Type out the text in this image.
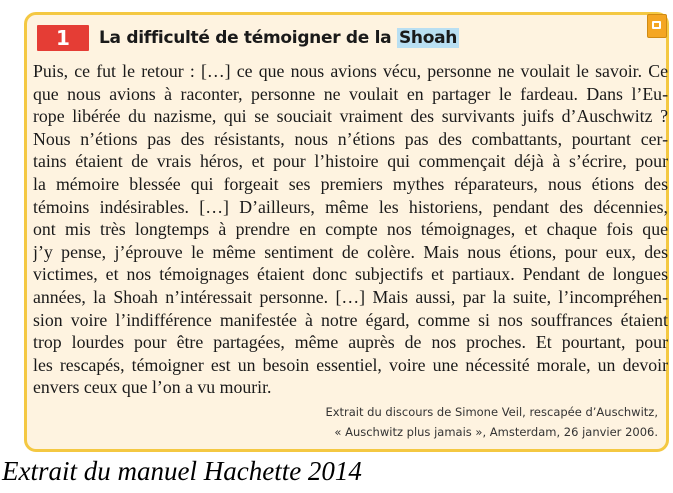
1	La difficulté de témoigner de la Shoah
Puis, ce fut le retour : […] ce que nous avions vécu, personne ne voulait le savoir. Ce
que nous avions à raconter, personne ne voulait en partager le fardeau. Dans l’Eu-
rope libérée du nazisme, qui se souciait vraiment des survivants juifs d’Auschwitz ?
Nous n’étions pas des résistants, nous n’étions pas des combattants, pourtant cer-
tains étaient de vrais héros, et pour l’histoire qui commençait déjà à s’écrire, pour
la mémoire blessée qui forgeait ses premiers mythes réparateurs, nous étions des
témoins indésirables. […] D’ailleurs, même les historiens, pendant des décennies,
ont mis très longtemps à prendre en compte nos témoignages, et chaque fois que
j’y pense, j’éprouve le même sentiment de colère. Mais nous étions, pour eux, des
victimes, et nos témoignages étaient donc subjectifs et partiaux. Pendant de longues
années, la Shoah n’intéressait personne. […] Mais aussi, par la suite, l’incompréhen-
sion voire l’indifférence manifestée à notre égard, comme si nos souffrances étaient
trop lourdes pour être partagées, même auprès de nos proches. Et pourtant, pour
les rescapés, témoigner est un besoin essentiel, voire une nécessité morale, un devoir
envers ceux que l’on a vu mourir.
Extrait du discours de Simone Veil, rescapée d’Auschwitz,
« Auschwitz plus jamais », Amsterdam, 26 janvier 2006.
Extrait du manuel Hachette 2014
